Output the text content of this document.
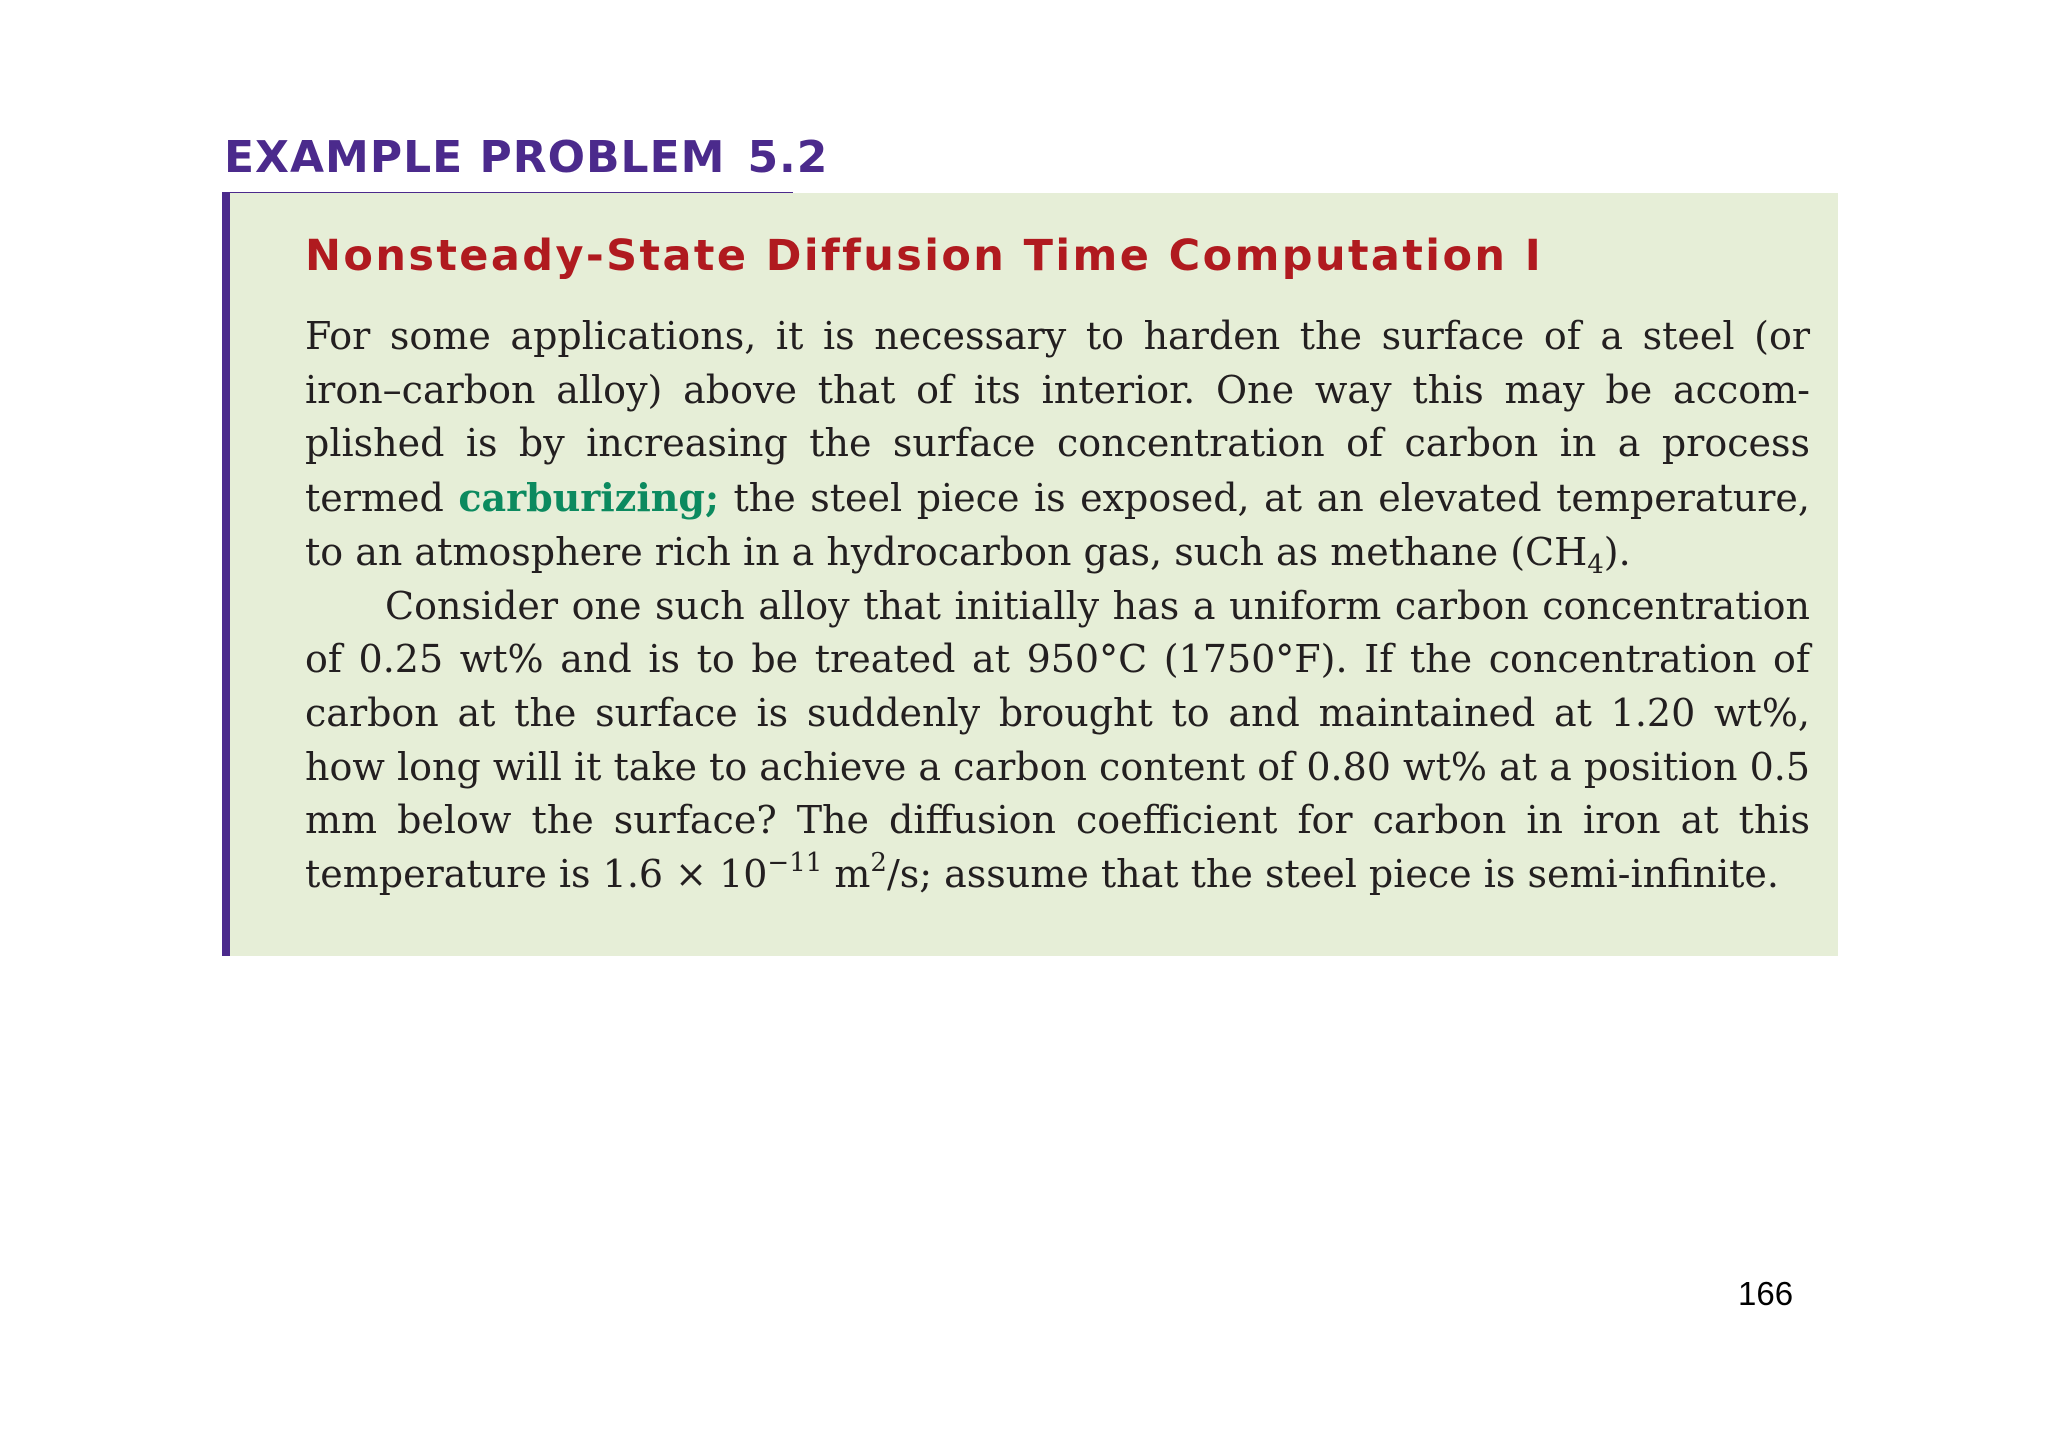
EXAMPLE PROBLEM 5.2
Nonsteady-State Diffusion Time Computation I

For some applications, it is necessary to harden the surface of a steel (or iron–carbon alloy) above that of its interior. One way this may be accomplished is by increasing the surface concentration of carbon in a process termed carburizing; the steel piece is exposed, at an elevated temperature, to an atmosphere rich in a hydrocarbon gas, such as methane $(CH_4)$.

Consider one such alloy that initially has a uniform carbon concentration of 0.25 wt% and is to be treated at 950°C (1750°F). If the concentration of carbon at the surface is suddenly brought to and maintained at 1.20 wt%, how long will it take to achieve a carbon content of 0.80 wt% at a position 0.5 mm below the surface? The diffusion coefficient for carbon in iron at this temperature is $1.6 \times 10^{-11}$ $m^2/s$; assume that the steel piece is semi-infinite.

166
